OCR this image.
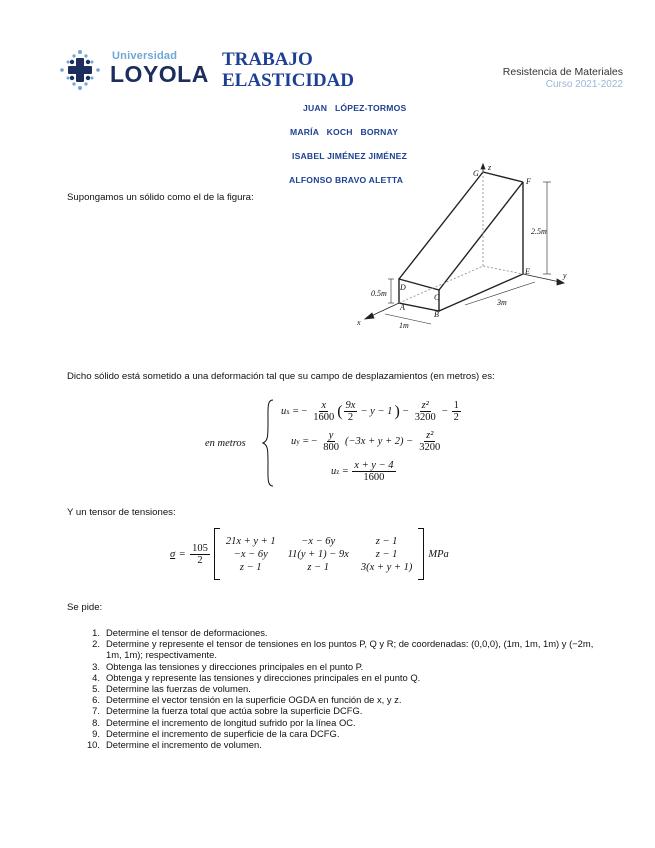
Universidad
LOYOLA
TRABAJO
ELASTICIDAD	Resistencia de Materiales
Curso 2021-2022
JUAN   LÓPEZ-TORMOS
MARÍA   KOCH   BORNAY
ISABEL JIMÉNEZ JIMÉNEZ
ALFONSO BRAVO ALETTA
Supongamos un sólido como el de la figura:
G
F
E
D
C
B
A
z
y
x
2.5m
0.5m
1m
3m
Dicho sólido está sometido a una deformación tal que su campo de desplazamientos (en metros) es:
en metros
u x = − $\frac{x}{1600}$ ( $\frac{9x}{2} - y - 1$ ) − $\frac{\text{z²}}{3200} - \frac{1}{2}$
u y = − $\frac{y}{800} (-3x + y + 2) - \frac{\text{z²}}{3200}$
u $z = \frac{x + y - 4}{1600}$
Y un tensor de tensiones:
$\sigma = \frac{105}{2}$
21x + y + 1	−x − 6y	z − 1
−x − 6y	11(y + 1) − 9x	z − 1
z − 1	z − 1	3(x + y + 1)
MPa
Se pide:
1. Determine el tensor de deformaciones.
2. Determine y represente el tensor de tensiones en los puntos P, Q y R; de coordenadas: (0,0,0), (1m, 1m, 1m) y (−2m, 1m, 1m); respectivamente.
3. Obtenga las tensiones y direcciones principales en el punto P.
4. Obtenga y represente las tensiones y direcciones principales en el punto Q.
5. Determine las fuerzas de volumen.
6. Determine el vector tensión en la superficie OGDA en función de x, y z.
7. Determine la fuerza total que actúa sobre la superficie DCFG.
8. Determine el incremento de longitud sufrido por la línea OC.
9. Determine el incremento de superficie de la cara DCFG.
10. Determine el incremento de volumen.
